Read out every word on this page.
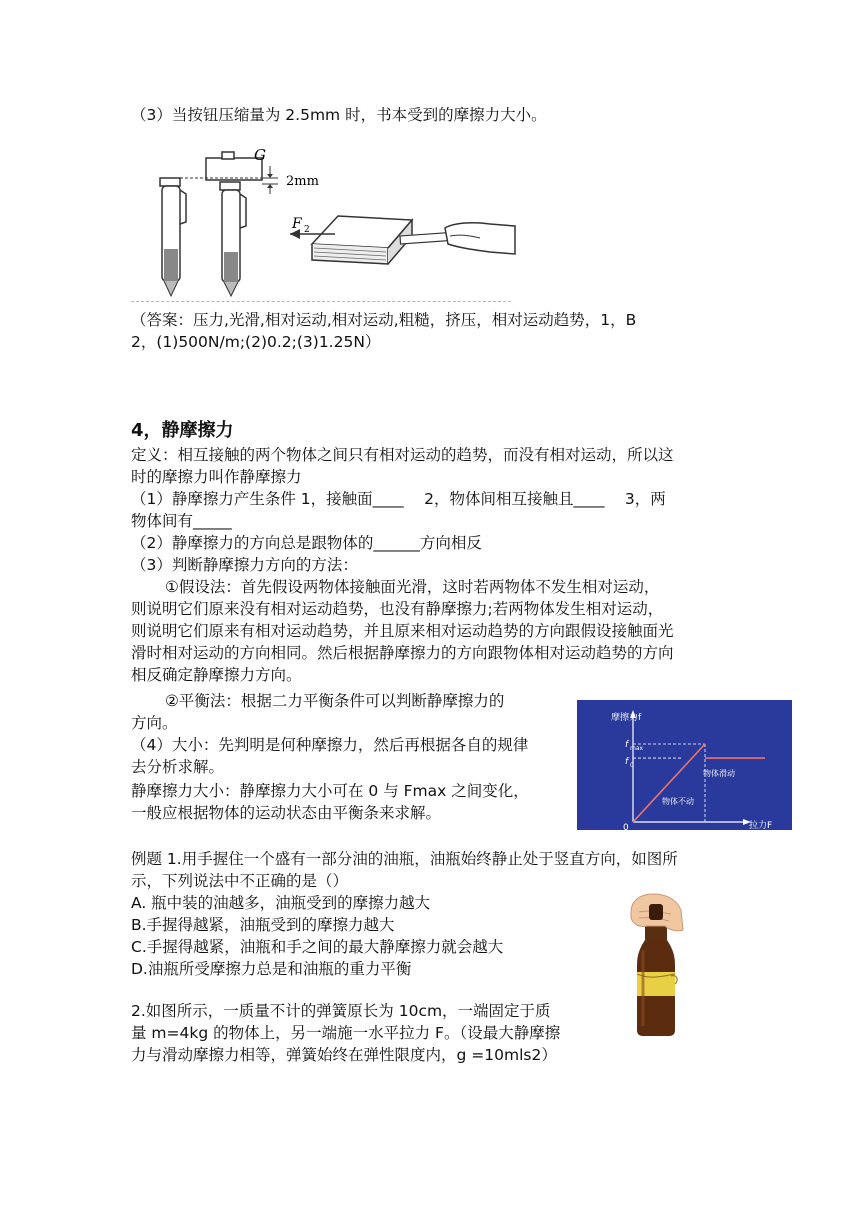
（3）当按钮压缩量为 2.5mm 时，书本受到的摩擦力大小。
G
2mm
F 2
（答案：压力,光滑,相对运动,相对运动,粗糙，挤压，相对运动趋势，1，B
2，(1)500N/m;(2)0.2;(3)1.25N）
4，静摩擦力
定义：相互接触的两个物体之间只有相对运动的趋势，而没有相对运动，所以这
时的摩擦力叫作静摩擦力
（1）静摩擦力产生条件 1，接触面____　 2，物体间相互接触且____　 3，两
物体间有_____
（2）静摩擦力的方向总是跟物体的______方向相反
（3）判断静摩擦力方向的方法：
①假设法：首先假设两物体接触面光滑，这时若两物体不发生相对运动，
则说明它们原来没有相对运动趋势，也没有静摩擦力;若两物体发生相对运动，
则说明它们原来有相对运动趋势，并且原来相对运动趋势的方向跟假设接触面光
滑时相对运动的方向相同。然后根据静摩擦力的方向跟物体相对运动趋势的方向
相反确定静摩擦力方向。
②平衡法：根据二力平衡条件可以判断静摩擦力的
方向。
（4）大小：先判明是何种摩擦力，然后再根据各自的规律
去分析求解。
静摩擦力大小：静摩擦力大小可在 0 与 Fmax 之间变化，
一般应根据物体的运动状态由平衡条来求解。
摩擦力f
拉力F
0
f max
f 0
物体不动
物体滑动
例题 1.用手握住一个盛有一部分油的油瓶，油瓶始终静止处于竖直方向，如图所
示，下列说法中不正确的是（）
A. 瓶中装的油越多，油瓶受到的摩擦力越大
B.手握得越紧，油瓶受到的摩擦力越大
C.手握得越紧，油瓶和手之间的最大静摩擦力就会越大
D.油瓶所受摩擦力总是和油瓶的重力平衡
2.如图所示，一质量不计的弹簧原长为 10cm，一端固定于质
量 m=4kg 的物体上，另一端施一水平拉力 F。（设最大静摩擦
力与滑动摩擦力相等，弹簧始终在弹性限度内，g =10mls2）
